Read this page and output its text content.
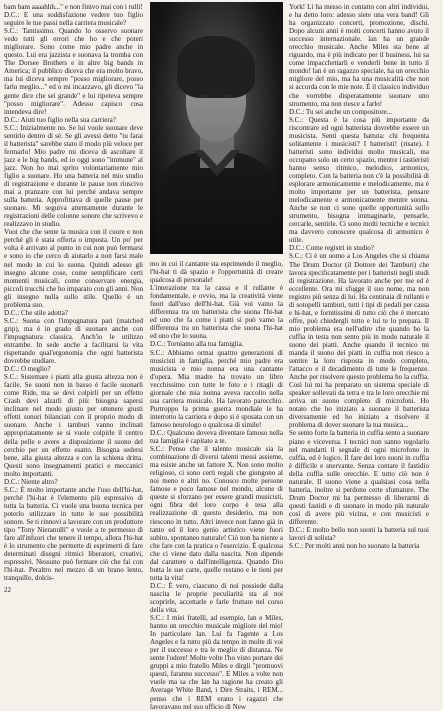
bam bam aaaahhh..." e non finivo mai con i rulli!

D.C.: E una soddisfazione vedere tuo figlio seguire le tue passi nella carriera musicale?

S.C.: Tantissimo. Quando lo osservo suonare vedo tutti gli errori che ho e che poteri migliorare. Sono come mio padre anche in questo. Lui era jazzista e suonava la tromba con The Dorsee Brothers e in altre big bands in America; il pubblico diceva che era molto bravo, ma lui diceva sempre "posso migliorare, posso farlo meglio..." ed o mi incazzavo, gli dicevo "la gente dice che sei grande" e lui ripeteva sempre "posso migliorare". Adesso capisco cosa intendeva dire!

D.C.: Aiuti tuo figlio nella sua carriera?

S.C.: Inizialmente no. Se lui vuole suonare deve sentirlo dentro di sé. Se gli avessi detto "tu farai il batterista" sarebbe stato il modo più veloce per fermarlo! Mio padre mi diceva di ascoltare il jazz e le big bands, ed io oggi sono "immune" al jazz. Non ho mai sprito volontariamente mio figlio a suonare. Ho una batteria nel mio studio di registrazione e durante le pause non riuscivo mai a pranzare con lui perché andava sempre sulla batteria. Approfittava di quelle pause per suonare. Mi seguiva attentamente durante le registrazioni delle colonne sonore che scrivevo e realizzavo in studio.

Vuoi che che sente la musica con il cuore e non perché gli è stata offerta o imposta. Un po' per volta è arrivato al punto in cui non può fermarsi e sono io che cerco di aiutarlo a non farsi male nel modo in cui lo suona. Quindi adesso gli insegno alcune cose, come semplificare certi momenti musicali, come conservare energia, piccoli trucchi che ho imparato con gli anni. Non gli insegno nulla sullo stile. Quello è un problema suo.

D.C.: Che stile adotta?

S.C.: Suona con l'impugnatura pari (matched grip), ma è in grado di suonare anche con l'impugnatura classica. Anch'io le utilizzo entrambe. In sede anche a facilitarsi la vita rispettando qual'ergonomia che ogni batterista dovrebbe studiare.

D.C.: O meglio?

S.C.: Sistemare i piatti alla giusta altezza non è facile. Se suoni non in basso è facile suonarli come Ride, ma se devi colpirli per un effetto Crash devi alzarli di più: bisogna sapersi inclinare nel modo giusto per ottenere giusti effetti sonori bilanciati con il proprio modo di suonare. Anche i tamburi vanno inclinati appropriatamente se si vuole colpirle il centro della pelle e avere a disposizione il suono del cerchio per un effetto esatto. Bisogna sedersi bene, alla giusta altezza e con la schiena dritta. Questi sono insegnamenti pratici e meccanici molto importanti.

D.C.: Niente altro?

S.C.: È molto importante anche l'uso dell'hi-hat, perché l'hi-hat è l'elemento più espressivo di tutta la batteria. Ci vuole una buona tecnica per poterlo utilizzare in tutte le sue possibilità sonore. Se ti rinnovi a lavorare con un produttore tipo "Tony Nieranulli" e vuole a te permesso di fare all'infuori che tenere il tempo, allora l'hi-hat è lo strumento che permette di esprimerti di fare determinati disegni ritmici liberatori, creativi, espressivi. Nessuno può fermare ciò che fai con l'hi-hat. Peraltro nel mezzo di un brano lento, tranquillo, dolcis-

mo in cui il cantante sta esprimendo il meglio, l'hi-hat ti dà spazio e l'opportunità di creare qualcosa di personale!

L'interazione tra la cassa e il rullante è fondamentale, e ovvio, ma la creatività viene fuori dall'uso dell'hi-hat. Già voi vamo la differenza tra un batterista che suona l'hi-hat ed uno che fa come i piatti si può vamo la differenza tra un batterista che suona l'hi-hat ed uno che lo suona.

D.C.: Torniamo alla tua famiglia.

S.C.: Abbiamo ormai quattro generazioni di musicisti in famiglia, perché mio padre era musicista e mio nonna era una cantante d'opera. Mia madre ha trovato un libro vecchissimo con tutte le foto e i ritagli di giornale che mia nonna aveva raccolto nella sua carriera musicale. Ha lavorato parecchio. Purtroppo la prima guerra mondiale le ha interrotto la carriera e dopo si è sposata con un famoso neurologo o qualcosa di simile!

D.C.: Qualcuno doveva diventare famoso nella tua famiglia è capitato a te.

S.C.: Penso che il talento musicale sia la combinazione di diversi talenti messi assieme, ma esiste anche un fattore X. Non sono molto religioso, ci sono certi regali che giungono al noi meno e altri no. Conosco molte persone famose e poco famose nel mondo, alcune di queste si sforzano per essere grandi musicisti, ogni fibra del loro corpo è tesa alla realizzazione di questo desiderio, ma non riescono in tutto. Altri invece non fanno già in tanto ed il loro genio artistico viene fuori subito, spontaneo naturale! Ciò non ha niente a che fare con la pratica o l'esercizio. È qualcosa che ci viene dato dalla nascita. Non dipende dal carattere o dall'intelligenza. Quando Dio butta le sue carte, quelle restano e le tieni per tutta la vita!

D.C.: È vero, ciascuno di noi possiede dalla nascita le proprie peculiarità sta al noi scoprirle, accettarle e farle fruttare nel corso della vita.

S.C.: I miei fratelli, ad esempio, lan e Miles, hanno un orecchio musicale migliore del mio! In particolare lan. Lui fa l'agente a Los Angeles e fa tutto più da tempo in molte di voi per il successo e tra le meglio di distanza. Ne sente l'odore! Molte volte l'ho visto portare dei gruppi a mio fratello Miles e dirgli "promuovi questi, faranno successo". E Miles a volte non vuole ma sa che lan ha ragione ha creato gli Average White Band, i Dire Straits, i REM... penso che i REM erano i ragazzi che lavoravano nel suo ufficio di New

York! Lì ha messo in contatto con altri individui, e ha detto loro: adesso siete una vera band! Gli ha organizzato concerti, promozione, dischi. Dopo alcuni anni è molti concerti hanno avuto il successo internazionale. lan ha un grande orecchio musicale. Anche Miles sta bene al riguardo, ma è più indicato per il business, lui sa come impacchettarli e venderli bene in tutto il mondo! lan è un ragazzo speciale, ha un orecchio migliore del mio, ma ha una musicalità che non si accorda con le mie note. È il classico individuo che vorrebbe disperatamente suonare uno strumento, ma non riesce a farlo!

D.C.: Tu sei anche un compositore...

S.C.: Questa è la cosa più importante da riscontrare ed ogni batterista dovrebbe essere un musicista. Senti questa battuta: chi frequenta solitamente i musicisti? I batteristi! (risate). I batteristi sono individui molto musicali, ma occupano solo un certo spazio, mentre i tastieristi hanno senso ritmico, melodico, armonico, completo. Con la batteria non c'è la possibilità di esplorare armonicamente e melodicamente, ma è molto importante per un batterista, pensare melodicamente e armonicamente mentre suona. Anche se non ci sono quelle opportunità sullo strumento, bisogna immaginarle, pensarle, cercarle, sentirle. Ci sono molti tecniche e tecnici ma davvero conoscere qualcosa di armonico è utile.

D.C.: Come registri in studio?

S.C.: Ci è un uomo a Los Angeles che si chiama The Drum Doctor (il Dottore dei Tamburi) che lavora specificatamente per i batteristi negli studi di registrazione. Ha lavorato anche per me ed è eccellente. Ora mi sfugge il suo nome, ma non registro più senza di lui. Ha centinaia di rullanti e di sotopelli tamburi, tutti i tipi di pedali per cassa e hi-hat, e fornitissimi di tutto ciò che è mercato offre, può chiedergli tutto e lui te lo prepara. Il mio problema era nell'udire che quando ho la cuffia in testa non sento più in modo naturale il suono dei piatti. Anche quando il tecnico mi manda il suono dei piatti in cuffia non riesco a sentire la loro risposta in modo completo, l'attacco e il decadimento di tutte le frequenze. Anche per risolvere questo problema ho la cuffia. Così lui mi ha preparato un sistema speciale di speaker sollevati da terra e tra le loro orecchie mi arriva un suono completo di microfoni. Ho notato che ho iniziato a suonare il batterista diversamente ed ho iniziato a risolvere il problema di dover suonare la tua musica...

Se sento forte la batteria in cuffia sento a suonare piano e viceversa. I tecnici non sanno regolarlo nel mandarti il segnale di ogni microfono in cuffia, ed è logico. Il fare dei loro suoni in cuffia è difficile e snervante. Senza contare il fastidio della cuffia sulle orecchie. E tutto ciò non è naturale. Il suono viene a qualsiasi cosa nella batteria, inoltre si perdono certe sfumature. The Drum Doctor mi ha permesso di liberarmi di questi fastidi e di suonare in modo più naturale così di avere più vicina, e con musicisti e differente.

D.C.: E molto bello non suoni la batteria sul tuoi lavori di solista?

S.C.: Per molti anni non ho suonato la batteria

22
